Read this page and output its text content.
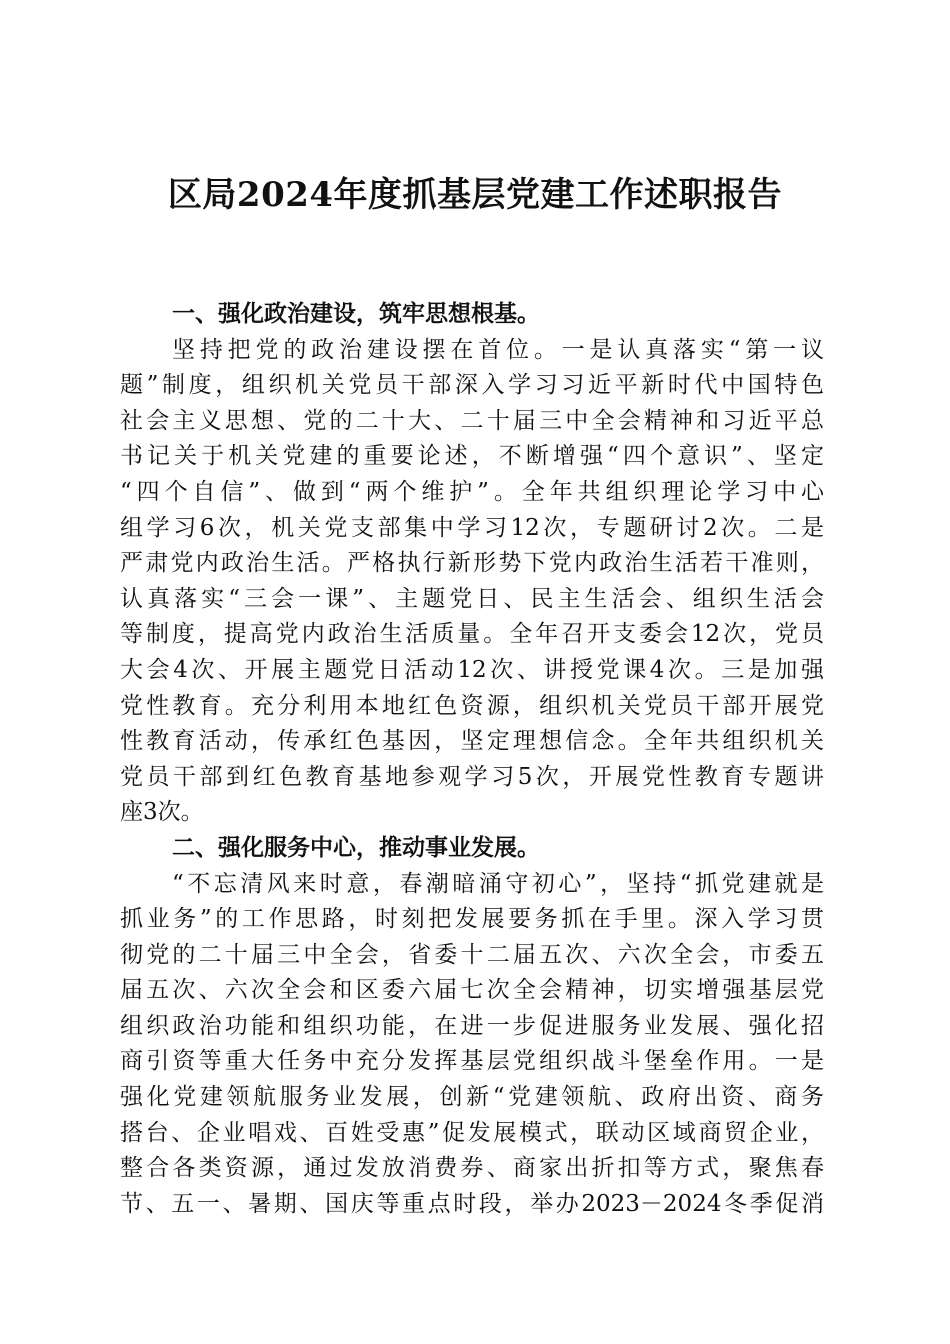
区局2024年度抓基层党建工作述职报告
一、强化政治建设，筑牢思想根基。
坚持把党的政治建设摆在首位。一是认真落实“第一议
题”制度，组织机关党员干部深入学习习近平新时代中国特色
社会主义思想、党的二十大、二十届三中全会精神和习近平总
书记关于机关党建的重要论述，不断增强“四个意识”、坚定
“四个自信”、做到“两个维护”。全年共组织理论学习中心
组学习6次，机关党支部集中学习12次，专题研讨2次。二是
严肃党内政治生活。严格执行新形势下党内政治生活若干准则，
认真落实“三会一课”、主题党日、民主生活会、组织生活会
等制度，提高党内政治生活质量。全年召开支委会12次，党员
大会4次、开展主题党日活动12次、讲授党课4次。三是加强
党性教育。充分利用本地红色资源，组织机关党员干部开展党
性教育活动，传承红色基因，坚定理想信念。全年共组织机关
党员干部到红色教育基地参观学习5次，开展党性教育专题讲
座3次。
二、强化服务中心，推动事业发展。
“不忘清风来时意，春潮暗涌守初心”，坚持“抓党建就是
抓业务”的工作思路，时刻把发展要务抓在手里。深入学习贯
彻党的二十届三中全会，省委十二届五次、六次全会，市委五
届五次、六次全会和区委六届七次全会精神，切实增强基层党
组织政治功能和组织功能，在进一步促进服务业发展、强化招
商引资等重大任务中充分发挥基层党组织战斗堡垒作用。一是
强化党建领航服务业发展，创新“党建领航、政府出资、商务
搭台、企业唱戏、百姓受惠”促发展模式，联动区域商贸企业，
整合各类资源，通过发放消费券、商家出折扣等方式，聚焦春
节、五一、暑期、国庆等重点时段，举办2023－2024冬季促消
